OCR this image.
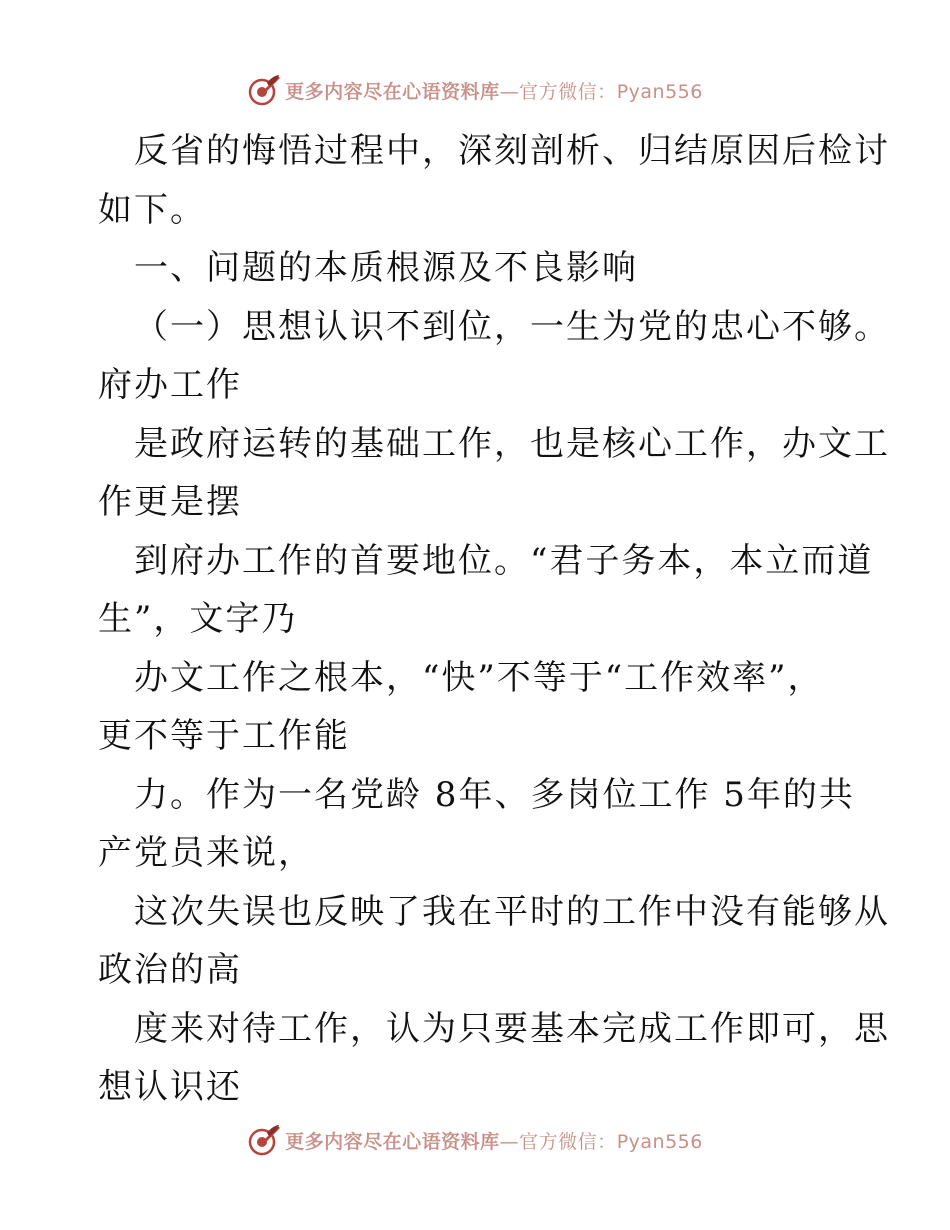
更多内容尽在心语资料库—官方微信：Pyan556
反省的悔悟过程中，深刻剖析、归结原因后检讨
如下。
一、问题的本质根源及不良影响
（一）思想认识不到位，一生为党的忠心不够。
府办工作
是政府运转的基础工作，也是核心工作，办文工
作更是摆
到府办工作的首要地位。“君子务本，本立而道
生”，文字乃
办文工作之根本，“快”不等于“工作效率”，
更不等于工作能
力。作为一名党龄 8年、多岗位工作 5年的共
产党员来说，
这次失误也反映了我在平时的工作中没有能够从
政治的高
度来对待工作，认为只要基本完成工作即可，思
想认识还
更多内容尽在心语资料库—官方微信：Pyan556
